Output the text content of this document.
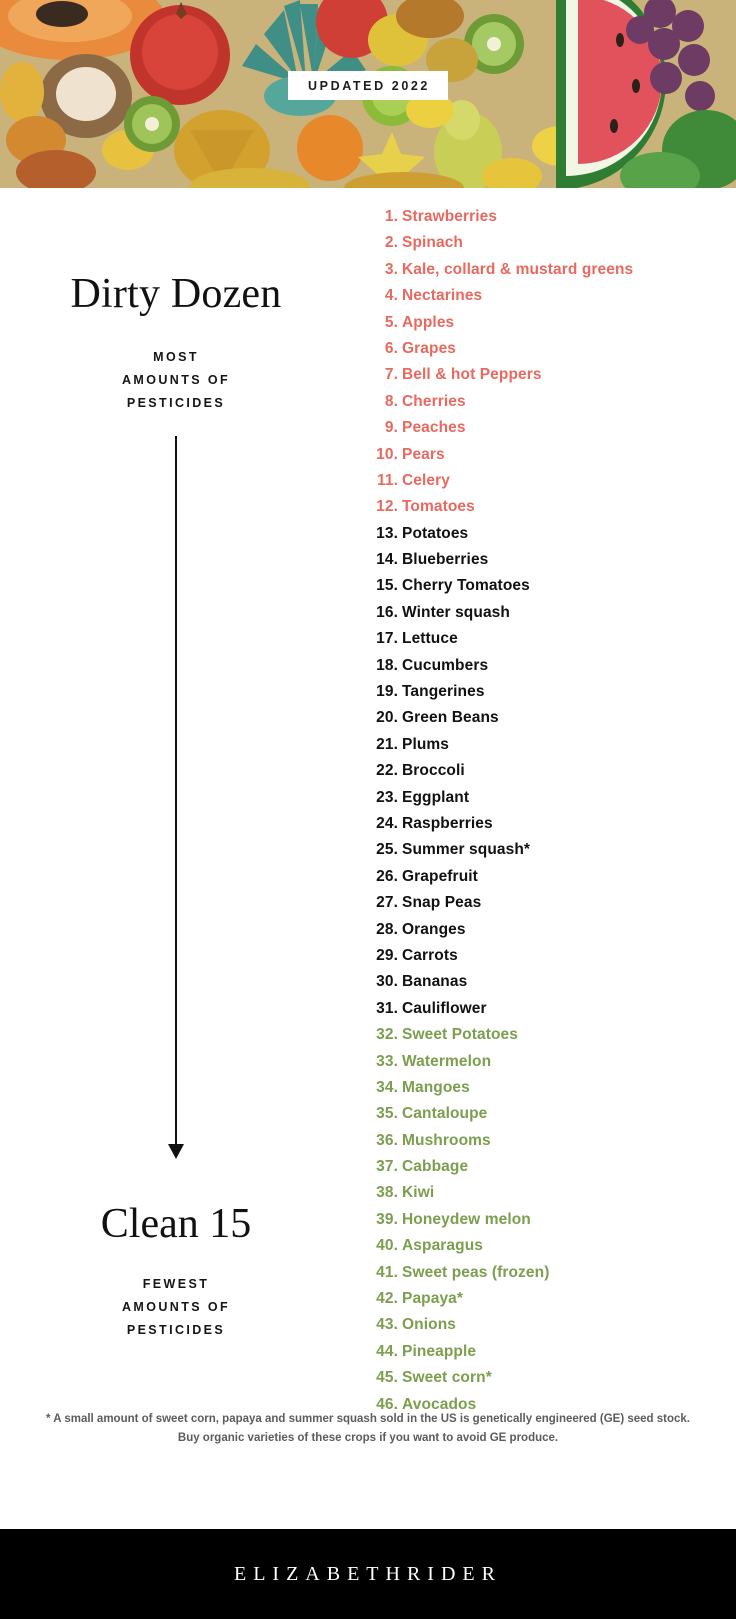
UPDATED 2022
Dirty Dozen
MOST
AMOUNTS OF
PESTICIDES
Clean 15
FEWEST
AMOUNTS OF
PESTICIDES
1. Strawberries
2. Spinach
3. Kale, collard & mustard greens
4. Nectarines
5. Apples
6. Grapes
7. Bell & hot Peppers
8. Cherries
9. Peaches
10. Pears
11. Celery
12. Tomatoes
13. Potatoes
14. Blueberries
15. Cherry Tomatoes
16. Winter squash
17. Lettuce
18. Cucumbers
19. Tangerines
20. Green Beans
21. Plums
22. Broccoli
23. Eggplant
24. Raspberries
25. Summer squash*
26. Grapefruit
27. Snap Peas
28. Oranges
29. Carrots
30. Bananas
31. Cauliflower
32. Sweet Potatoes
33. Watermelon
34. Mangoes
35. Cantaloupe
36. Mushrooms
37. Cabbage
38. Kiwi
39. Honeydew melon
40. Asparagus
41. Sweet peas (frozen)
42. Papaya*
43. Onions
44. Pineapple
45. Sweet corn*
46. Avocados
* A small amount of sweet corn, papaya and summer squash sold in the US is genetically engineered (GE) seed stock. Buy organic varieties of these crops if you want to avoid GE produce.
ELIZABETHRIDER
